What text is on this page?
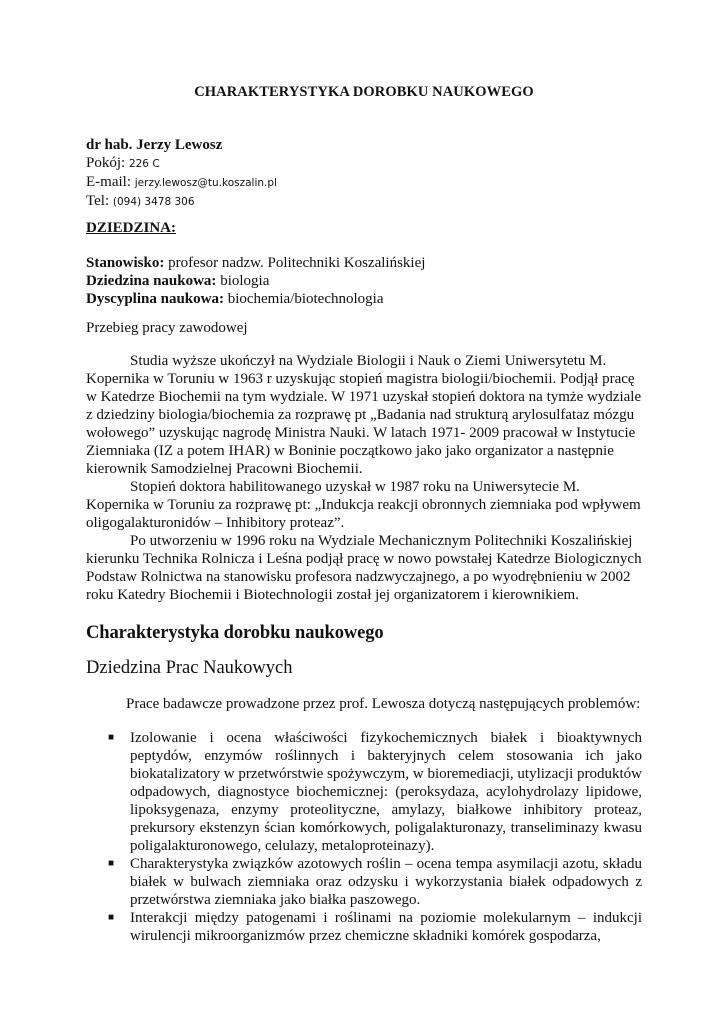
CHARAKTERYSTYKA DOROBKU NAUKOWEGO
dr hab. Jerzy Lewosz
Pokój: 226 C
E-mail: jerzy.lewosz@tu.koszalin.pl
Tel: (094) 3478 306
DZIEDZINA:
Stanowisko: profesor nadzw. Politechniki Koszalińskiej
Dziedzina naukowa: biologia
Dyscyplina naukowa: biochemia/biotechnologia
Przebieg pracy zawodowej

Studia wyższe ukończył na Wydziale Biologii i Nauk o Ziemi Uniwersytetu M. Kopernika w Toruniu w 1963 r uzyskując stopień magistra biologii/biochemii. Podjął pracę w Katedrze Biochemii na tym wydziale. W 1971 uzyskał stopień doktora na tymże wydziale z dziedziny biologia/biochemia za rozprawę pt „Badania nad strukturą arylosulfataz mózgu wołowego” uzyskując nagrodę Ministra Nauki. W latach 1971- 2009 pracował w Instytucie Ziemniaka (IZ a potem IHAR) w Boninie początkowo jako jako organizator a następnie kierownik Samodzielnej Pracowni Biochemii.

Stopień doktora habilitowanego uzyskał w 1987 roku na Uniwersytecie M. Kopernika w Toruniu za rozprawę pt: „Indukcja reakcji obronnych ziemniaka pod wpływem oligogalakturonidów – Inhibitory proteaz”.

Po utworzeniu w 1996 roku na Wydziale Mechanicznym Politechniki Koszalińskiej kierunku Technika Rolnicza i Leśna podjął pracę w nowo powstałej Katedrze Biologicznych Podstaw Rolnictwa na stanowisku profesora nadzwyczajnego, a po wyodrębnieniu w 2002 roku Katedry Biochemii i Biotechnologii został jej organizatorem i kierownikiem.

Charakterystyka dorobku naukowego
Dziedzina Prac Naukowych
Prace badawcze prowadzone przez prof. Lewosza dotyczą następujących problemów:
■ Izolowanie i ocena właściwości fizykochemicznych białek i bioaktywnych peptydów, enzymów roślinnych i bakteryjnych celem stosowania ich jako biokatalizatory w przetwórstwie spożywczym, w bioremediacji, utylizacji produktów odpadowych, diagnostyce biochemicznej: (peroksydaza, acylohydrolazy lipidowe, lipoksygenaza, enzymy proteolityczne, amylazy, białkowe inhibitory proteaz, prekursory ekstenzyn ścian komórkowych, poligalakturonazy, transeliminazy kwasu poligalakturonowego, celulazy, metaloproteinazy).
■ Charakterystyka związków azotowych roślin – ocena tempa asymilacji azotu, składu białek w bulwach ziemniaka oraz odzysku i wykorzystania białek odpadowych z przetwórstwa ziemniaka jako białka paszowego.
■ Interakcji między patogenami i roślinami na poziomie molekularnym – indukcji wirulencji mikroorganizmów przez chemiczne składniki komórek gospodarza,
